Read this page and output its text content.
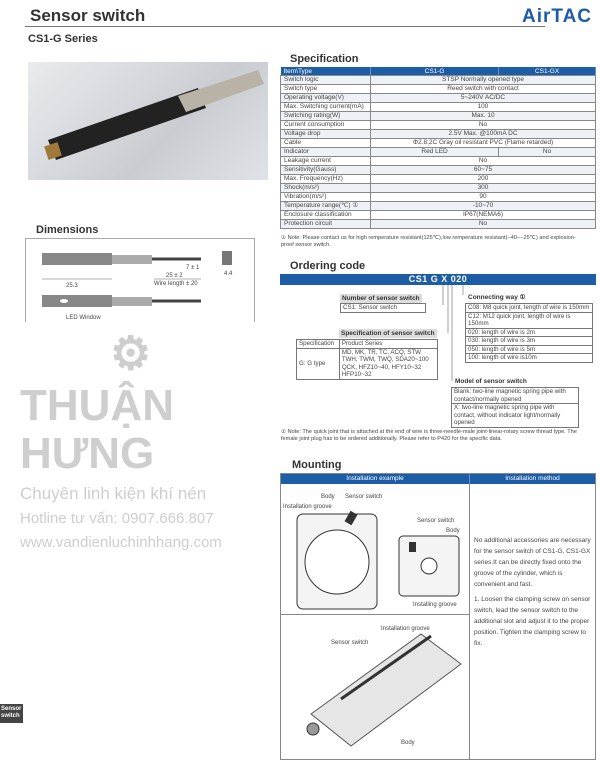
Sensor switch	AirTAC
CS1-G Series
Dimensions
25.3
25 ± 2
Wire length ± 20
7 ± 1
4.4
LED Window
Specification
Item\Type	CS1-G	CS1-GX
Switch logic	STSP Normally opened type	
Switch type	Reed switch with contact	
Operating voltage(V)	5~240V AC/DC	
Max. Switching current(mA)	100	
Switching rating(W)	Max. 10	
Current consumption	No	
Voltage drop	2.5V Max. @100mA DC	
Cable	Φ2.8,2C Gray oil resistant PVC (Flame retarded)	
Indicator	Red LED	No
Leakage current	No	
Sensitivity(Gauss)	60~75	
Max. Frequency(Hz)	200	
Shock(m/s²)	300	
Vibration(m/s²)	90	
Temperature range(℃) ①	-10~70	
Enclosure classification	IP67(NEMA6)	
Protection circuit	No	
① Note: Please contact us for high remperature resistant(125℃),low remperature resistant(−40−−25℃) and explosion-proof sensor switch.
Ordering code
CS1 G X 020
Number of sensor switch
CS1: Sensor switch
Specification of sensor switch
Specification	Product Series
G: G type	MD, MK, TR, TC, ACQ, STW
TWH, TWM, TWQ, SDA20~100
QCK, HFZ10~40, HFY10~32
HFP10~32
Connecting way ①
C08: M8 quick joint, length of wire is 150mm
C12: M12 quick joint, length of wire is 150mm
020: length of wire is 2m
030: length of wire is 3m
050: length of wire is 5m
100: length of wire is10m
Model of sensor switch
Blank: two-line magnetic spring pipe with contact/normally opened
X: two-line magnetic spring pipe with contact, without indicator light/normally opened
① Note: The quick joint that is attached at the end of wire is three-needle-male joint-linear-rotary screw thread type. The female joint plug has to be ordered additionally. Please refer to P420 for the specific data.
Mounting
Installation example	Installation method
Installation groove
Body Sensor switch
Sensor switch
Body
Installing groove
Installation groove
Sensor switch
Body

No additional accessories are necessary for the sensor switch of CS1-G, CS1-GX series.It can be directly fixed onto the groove of the cylinder, which is convenient and fast.

1. Loosen the clamping screw on sensor switch, lead the sensor switch to the additional slot and adjust it to the proper position. Tighten the clamping screw to fix.

⚙
THUẬN HƯNG
Chuyên linh kiện khí nén
Hotline tư vấn: 0907.666.807
www.vandienluchinhhang.com
Sensor switch
